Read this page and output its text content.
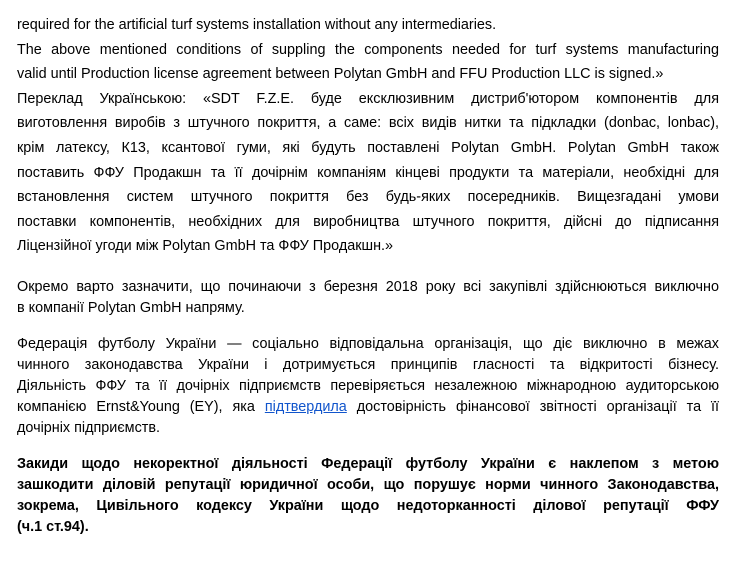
required for the artificial turf systems installation without any intermediaries.
The above mentioned conditions of suppling the components needed for turf systems manufacturing
valid until Production license agreement between Polytan GmbH and FFU Production LLC is signed.»
Переклад Українською: «SDT F.Z.E. буде ексклюзивним дистриб'ютором компонентів для
виготовлення виробів з штучного покриття, а саме: всіх видів нитки та підкладки (donbac, lonbac),
крім латексу, К13, ксантової гуми, які будуть поставлені Polytan GmbH. Polytan GmbH також
поставить ФФУ Продакшн та її дочірнім компаніям кінцеві продукти та матеріали, необхідні для
встановлення систем штучного покриття без будь-яких посередників. Вищезгадані умови
поставки компонентів, необхідних для виробництва штучного покриття, дійсні до підписання
Ліцензійної угоди між Polytan GmbH та ФФУ Продакшн.»
Окремо варто зазначити, що починаючи з березня 2018 року всі закупівлі здійснюються виключно
в компанії Polytan GmbH напряму.
Федерація футболу України — соціально відповідальна організація, що діє виключно в межах
чинного законодавства України і дотримується принципів гласності та відкритості бізнесу.
Діяльність ФФУ та її дочірніх підприємств перевіряється незалежною міжнародною аудиторською
компанією Ernst&Young (EY), яка підтвердила достовірність фінансової звітності організації та її
дочірніх підприємств.
Закиди щодо некоректної діяльності Федерації футболу України є наклепом з метою
зашкодити діловій репутації юридичної особи, що порушує норми чинного Законодавства,
зокрема, Цивільного кодексу України щодо недоторканності ділової репутації ФФУ
(ч.1 ст.94).
